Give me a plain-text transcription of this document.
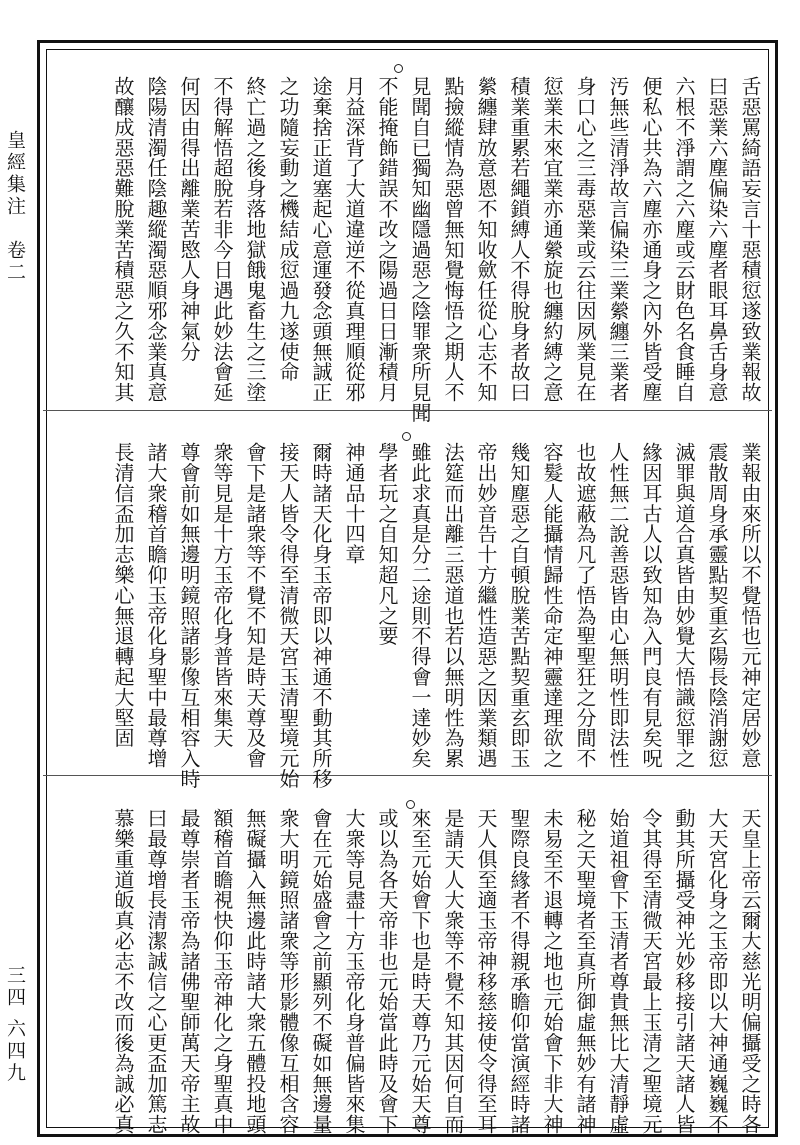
皇經集注　卷二
三四 六四九
舌惡罵綺語妄言十惡積愆遂致業報故
曰惡業六塵偏染六塵者眼耳鼻舌身意
六根不淨謂之六塵或云財色名食睡自
便私心共為六塵亦通身之內外皆受塵
汚無些清淨故言偏染三業縈纏三業者
身口心之三毒惡業或云往因夙業見在
愆業未來宜業亦通縈旋也纏約縛之意
積業重累若繩鎖縛人不得脫身者故曰
縈纏肆放意恩不知收歛任從心志不知
點撿縱情為惡曾無知覺悔悟之期人不
見聞自已獨知幽隱過惡之陰罪衆所見聞
不能掩飾錯誤不改之陽過日日漸積月
月益深背了大道違逆不從真理順從邪
途棄捨正道塞起心意運發念頭無誠正
之功隨妄動之機結成愆過九遂使命
終亡過之後身落地獄餓鬼畜生之三塗
不得解悟超脫若非今日遇此妙法會延
何因由得出離業苦愍人身神氣分
陰陽清濁任陰趣縱濁惡順邪念業真意
故釀成惡惡難脫業苦積惡之久不知其
業報由來所以不覺悟也元神定居妙意
震散周身承靈點契重玄陽長陰消謝愆
滅罪與道合真皆由妙覺大悟識愆罪之
緣因耳古人以致知為入門良有見矣呪
人性無二說善惡皆由心無明性即法性
也故遮蔽為凡了悟為聖聖狂之分間不
容髮人能攝情歸性命定神靈達理欲之
幾知塵惡之自頓脫業苦點契重玄即玉
帝出妙音告十方繼性造惡之因業類遇
法筵而出離三惡道也若以無明性為累
雖此求真是分二途則不得會一達妙矣
學者玩之自知超凡之要
神通品十四章
爾時諸天化身玉帝即以神通不動其所移
接天人皆令得至清微天宮玉清聖境元始
會下是諸衆等不覺不知是時天尊及會
衆等見是十方玉帝化身普皆來集天
尊會前如無邊明鏡照諸影像互相容入時
諸大衆稽首瞻仰玉帝化身聖中最尊增
長清信盃加志樂心無退轉起大堅固
天皇上帝云爾大慈光明偏攝受之時各
大天宮化身之玉帝即以大神通巍巍不
動其所攝受神光妙移接引諸天諸人皆
令其得至清微天宮最上玉清之聖境元
始道祖會下玉清者尊貴無比大清靜虛
秘之天聖境者至真所御虛無妙有諸神
未易至不退轉之地也元始會下非大神
聖際良緣者不得親承瞻仰當演經時諸
天人俱至適玉帝神移慈接使令得至耳
是請天人大衆等不覺不知其因何自而
來至元始會下也是時天尊乃元始天尊
或以為各天帝非也元始當此時及會下
大衆等見盡十方玉帝化身普偏皆來集
會在元始盛會之前顯列不礙如無邊量
衆大明鏡照諸衆等形影體像互相含容
無礙攝入無邊此時諸大衆五體投地頭
額稽首瞻視快仰玉帝神化之身聖真中
最尊崇者玉帝為諸佛聖師萬天帝主故
曰最尊增長清潔誠信之心更盃加篤志
慕樂重道皈真必志不改而後為誠必真
